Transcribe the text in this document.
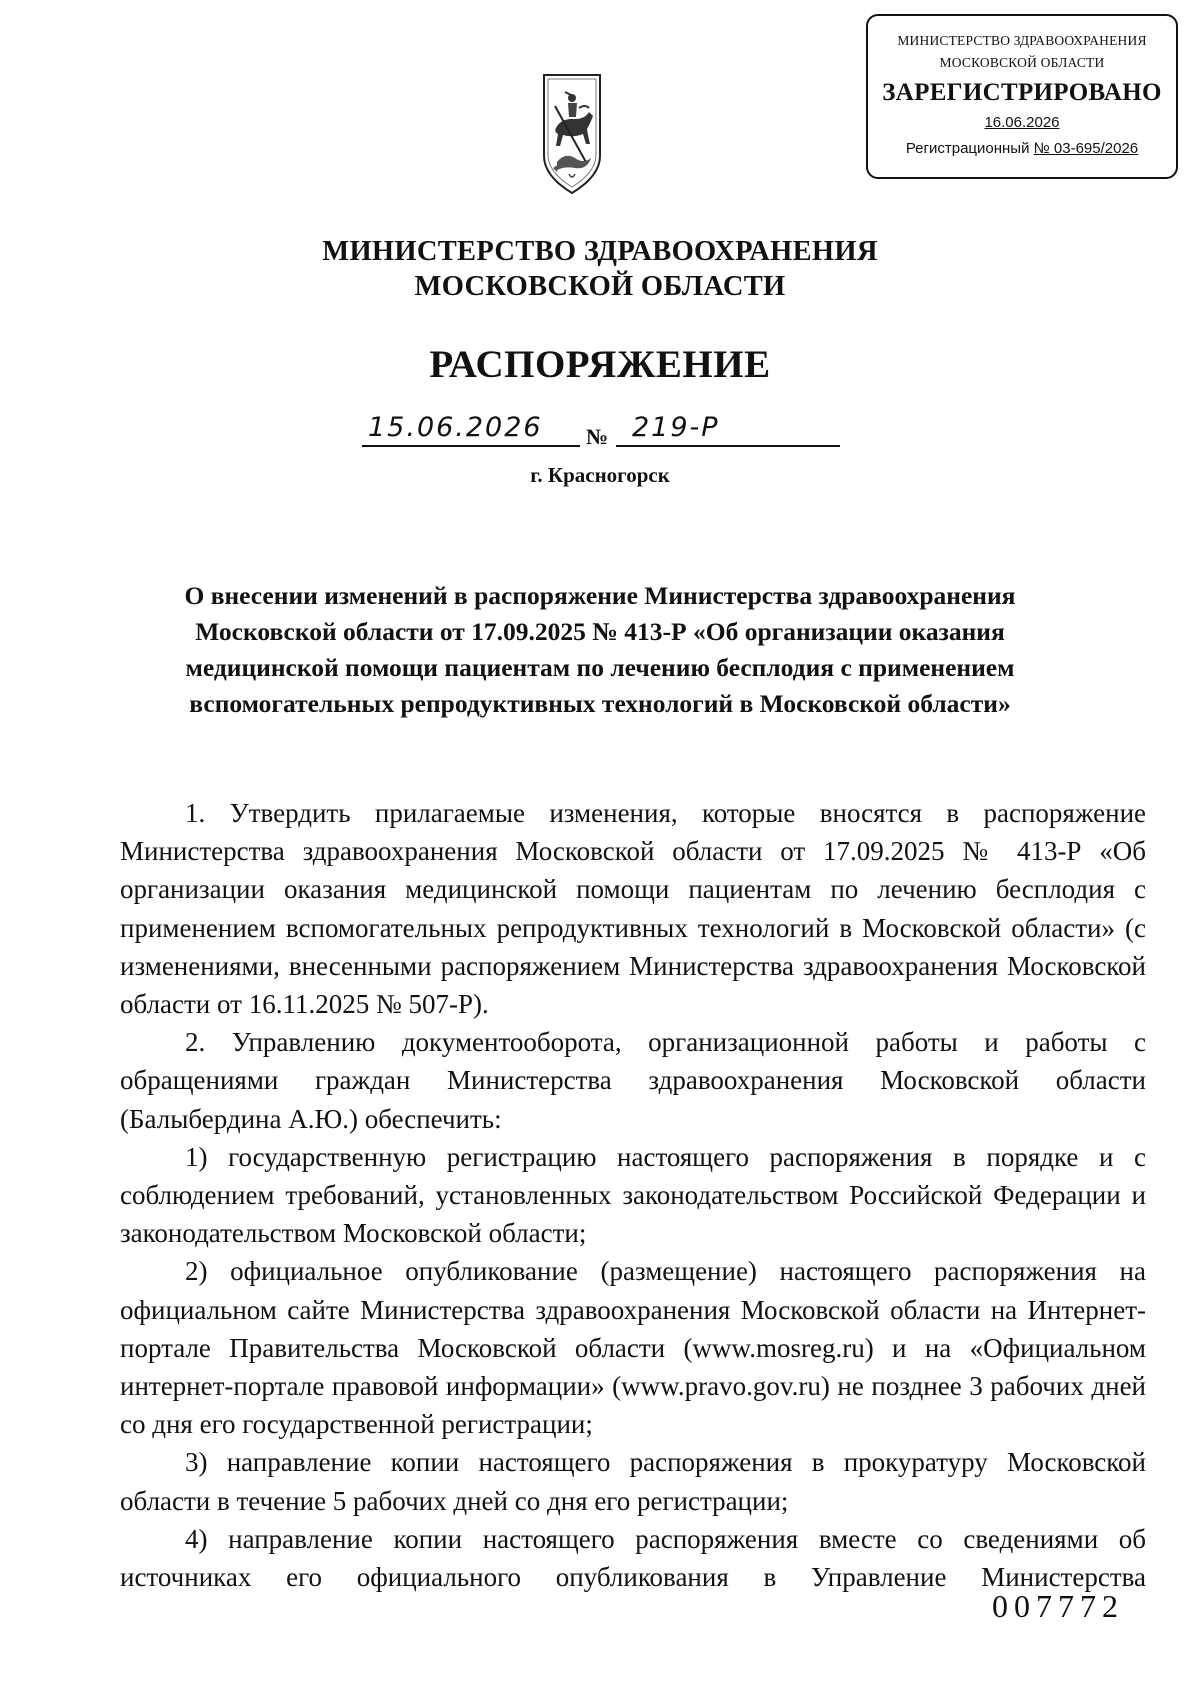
МИНИСТЕРСТВО ЗДРАВООХРАНЕНИЯ
МОСКОВСКОЙ ОБЛАСТИ
ЗАРЕГИСТРИРОВАНО
16.06.2026
Регистрационный № 03-695/2026
МИНИСТЕРСТВО ЗДРАВООХРАНЕНИЯ
МОСКОВСКОЙ ОБЛАСТИ
РАСПОРЯЖЕНИЕ
15.06.2026 № 219-Р
г. Красногорск
О внесении изменений в распоряжение Министерства здравоохранения
Московской области от 17.09.2025 № 413-Р «Об организации оказания
медицинской помощи пациентам по лечению бесплодия с применением
вспомогательных репродуктивных технологий в Московской области»

1. Утвердить прилагаемые изменения, которые вносятся в распоряжение Министерства здравоохранения Московской области от 17.09.2025 № 413-Р «Об организации оказания медицинской помощи пациентам по лечению бесплодия с применением вспомогательных репродуктивных технологий в Московской области» (с изменениями, внесенными распоряжением Министерства здравоохранения Московской области от 16.11.2025 № 507-Р).

2. Управлению документооборота, организационной работы и работы с обращениями граждан Министерства здравоохранения Московской области (Балыбердина А.Ю.) обеспечить:

1) государственную регистрацию настоящего распоряжения в порядке и с соблюдением требований, установленных законодательством Российской Федерации и законодательством Московской области;

2) официальное опубликование (размещение) настоящего распоряжения на официальном сайте Министерства здравоохранения Московской области на Интернет-портале Правительства Московской области (www.mosreg.ru) и на «Официальном интернет-портале правовой информации» (www.pravo.gov.ru) не позднее 3 рабочих дней со дня его государственной регистрации;

3) направление копии настоящего распоряжения в прокуратуру Московской области в течение 5 рабочих дней со дня его регистрации;

4) направление копии настоящего распоряжения вместе со сведениями об источниках его официального опубликования в Управление Министерства

007772
